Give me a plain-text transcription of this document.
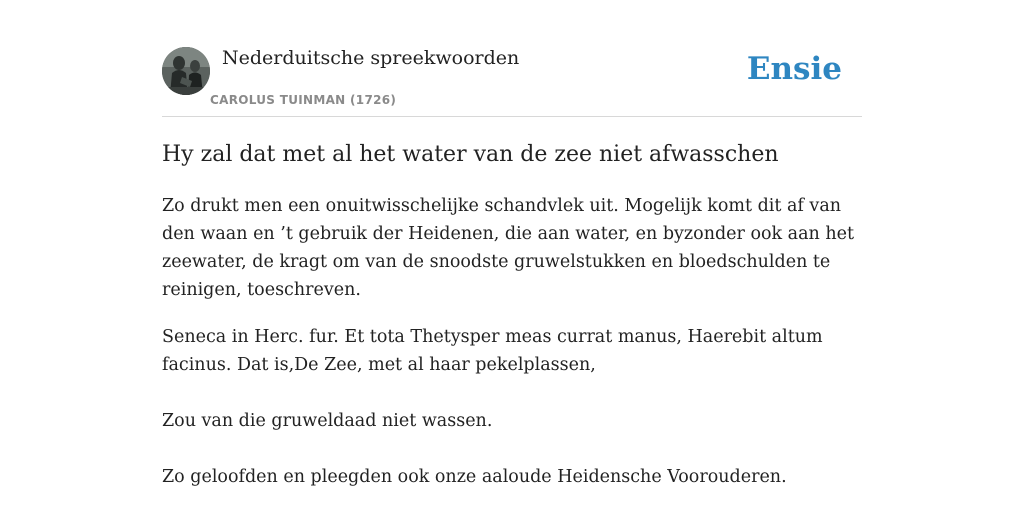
Nederduitsche spreekwoorden
CAROLUS TUINMAN (1726)
Ensie
Hy zal dat met al het water van de zee niet afwasschen

Zo drukt men een onuitwisschelijke schandvlek uit. Mogelijk komt dit af van den waan en ’t gebruik der Heidenen, die aan water, en byzonder ook aan het zeewater, de kragt om van de snoodste gruwelstukken en bloedschulden te reinigen, toeschreven.

Seneca in Herc. fur. Et tota Thetysper meas currat manus, Haerebit altum facinus. Dat is,De Zee, met al haar pekelplassen,

Zou van die gruweldaad niet wassen.

Zo geloofden en pleegden ook onze aaloude Heidensche Voorouderen.
